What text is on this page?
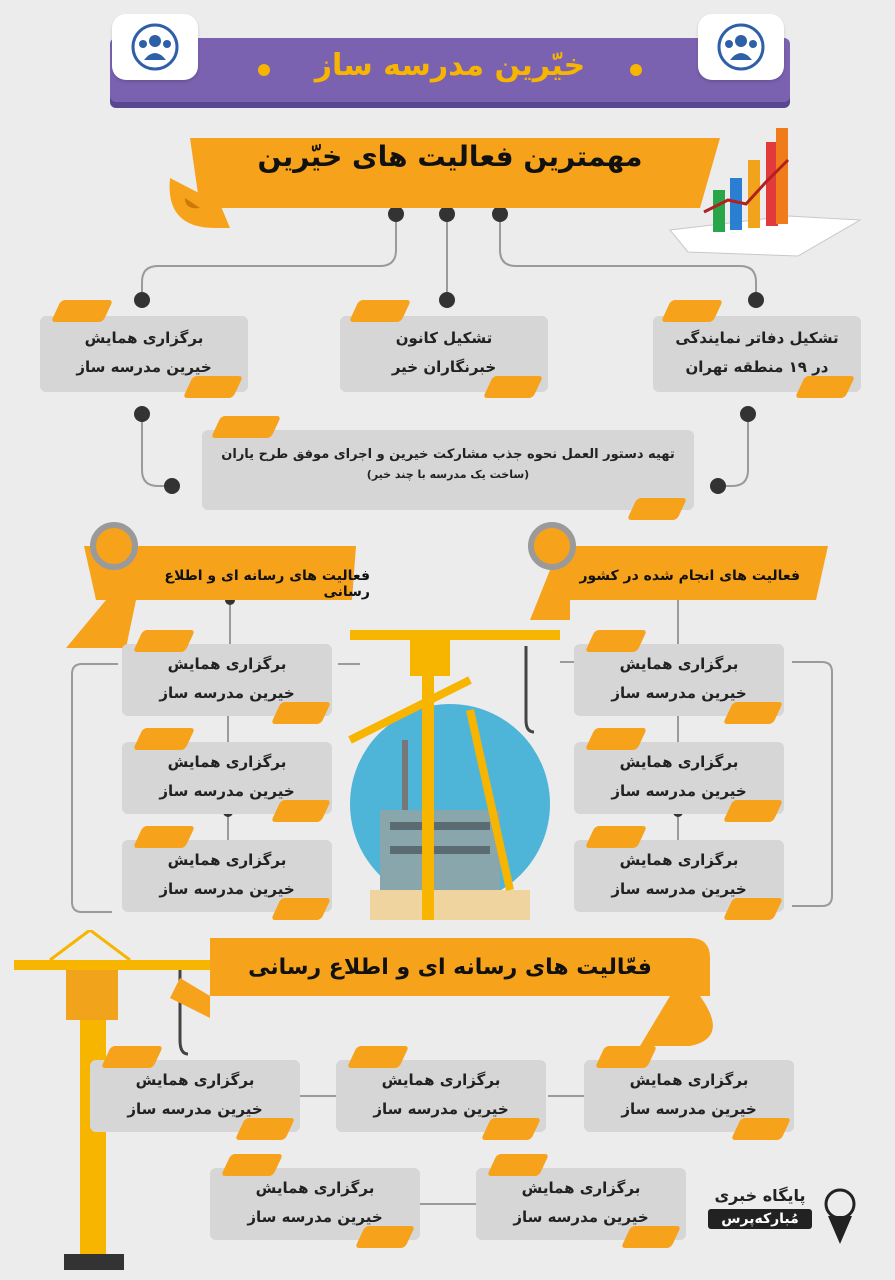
خیّرین مدرسه ساز
مهمترین فعالیت های خیّرین
تشکیل دفاتر نمایندگی
در ۱۹ منطقه تهران
تشکیل کانون
خبرنگاران خیر
برگزاری همایش
خیرین مدرسه ساز
تهیه دستور العمل نحوه جذب مشارکت خیرین و اجرای موفق طرح یاران
(ساخت یک مدرسه با چند خیر)
فعالیت های انجام شده در کشور
فعالیت های رسانه ای و اطلاع رسانی
برگزاری همایش
خیرین مدرسه ساز
برگزاری همایش
خیرین مدرسه ساز
برگزاری همایش
خیرین مدرسه ساز
برگزاری همایش
خیرین مدرسه ساز
برگزاری همایش
خیرین مدرسه ساز
برگزاری همایش
خیرین مدرسه ساز
فعّالیت های رسانه ای و اطلاع رسانی
برگزاری همایش
خیرین مدرسه ساز
برگزاری همایش
خیرین مدرسه ساز
برگزاری همایش
خیرین مدرسه ساز
برگزاری همایش
خیرین مدرسه ساز
برگزاری همایش
خیرین مدرسه ساز
پایگاه خبری
مُبارکه‌پرس
